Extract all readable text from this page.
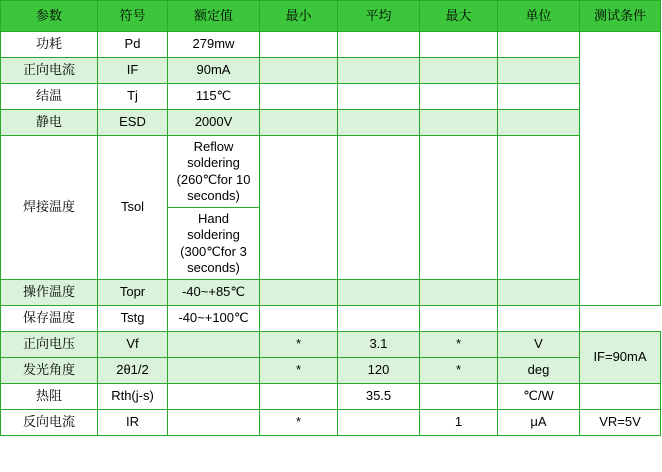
参数	符号	额定值	最小	平均	最大	单位	测试条件
功耗	Pd	279mw					
正向电流	IF	90mA					
结温	Tj	115℃					
静电	ESD	2000V					
焊接温度	Tsol	Reflow soldering (260℃for 10 seconds)					
		Hand soldering (300℃for 3 seconds)					
操作温度	Topr	-40~+85℃					
保存温度	Tstg	-40~+100℃					
正向电压	Vf		*	3.1	*	V	IF=90mA
发光角度	2θ1/2		*	120	*	deg	
热阻	Rth(j-s)			35.5		℃/W	
反向电流	IR		*		1	μA	VR=5V
